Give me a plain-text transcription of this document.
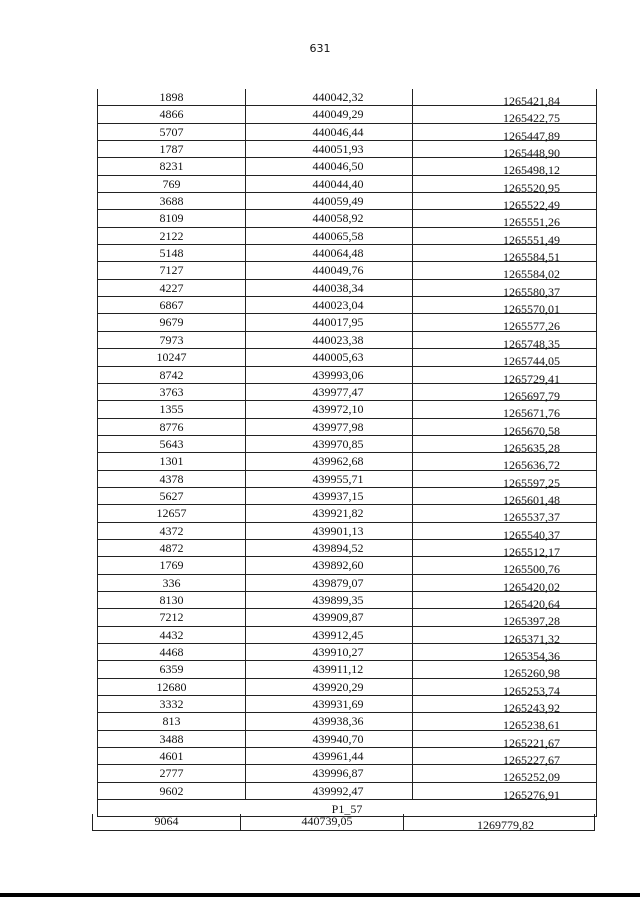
631
1898	440042,32	1265421,84
4866	440049,29	1265422,75
5707	440046,44	1265447,89
1787	440051,93	1265448,90
8231	440046,50	1265498,12
769	440044,40	1265520,95
3688	440059,49	1265522,49
8109	440058,92	1265551,26
2122	440065,58	1265551,49
5148	440064,48	1265584,51
7127	440049,76	1265584,02
4227	440038,34	1265580,37
6867	440023,04	1265570,01
9679	440017,95	1265577,26
7973	440023,38	1265748,35
10247	440005,63	1265744,05
8742	439993,06	1265729,41
3763	439977,47	1265697,79
1355	439972,10	1265671,76
8776	439977,98	1265670,58
5643	439970,85	1265635,28
1301	439962,68	1265636,72
4378	439955,71	1265597,25
5627	439937,15	1265601,48
12657	439921,82	1265537,37
4372	439901,13	1265540,37
4872	439894,52	1265512,17
1769	439892,60	1265500,76
336	439879,07	1265420,02
8130	439899,35	1265420,64
7212	439909,87	1265397,28
4432	439912,45	1265371,32
4468	439910,27	1265354,36
6359	439911,12	1265260,98
12680	439920,29	1265253,74
3332	439931,69	1265243,92
813	439938,36	1265238,61
3488	439940,70	1265221,67
4601	439961,44	1265227,67
2777	439996,87	1265252,09
9602	439992,47	1265276,91
P1_57
9064	440739,05	1269779,82
